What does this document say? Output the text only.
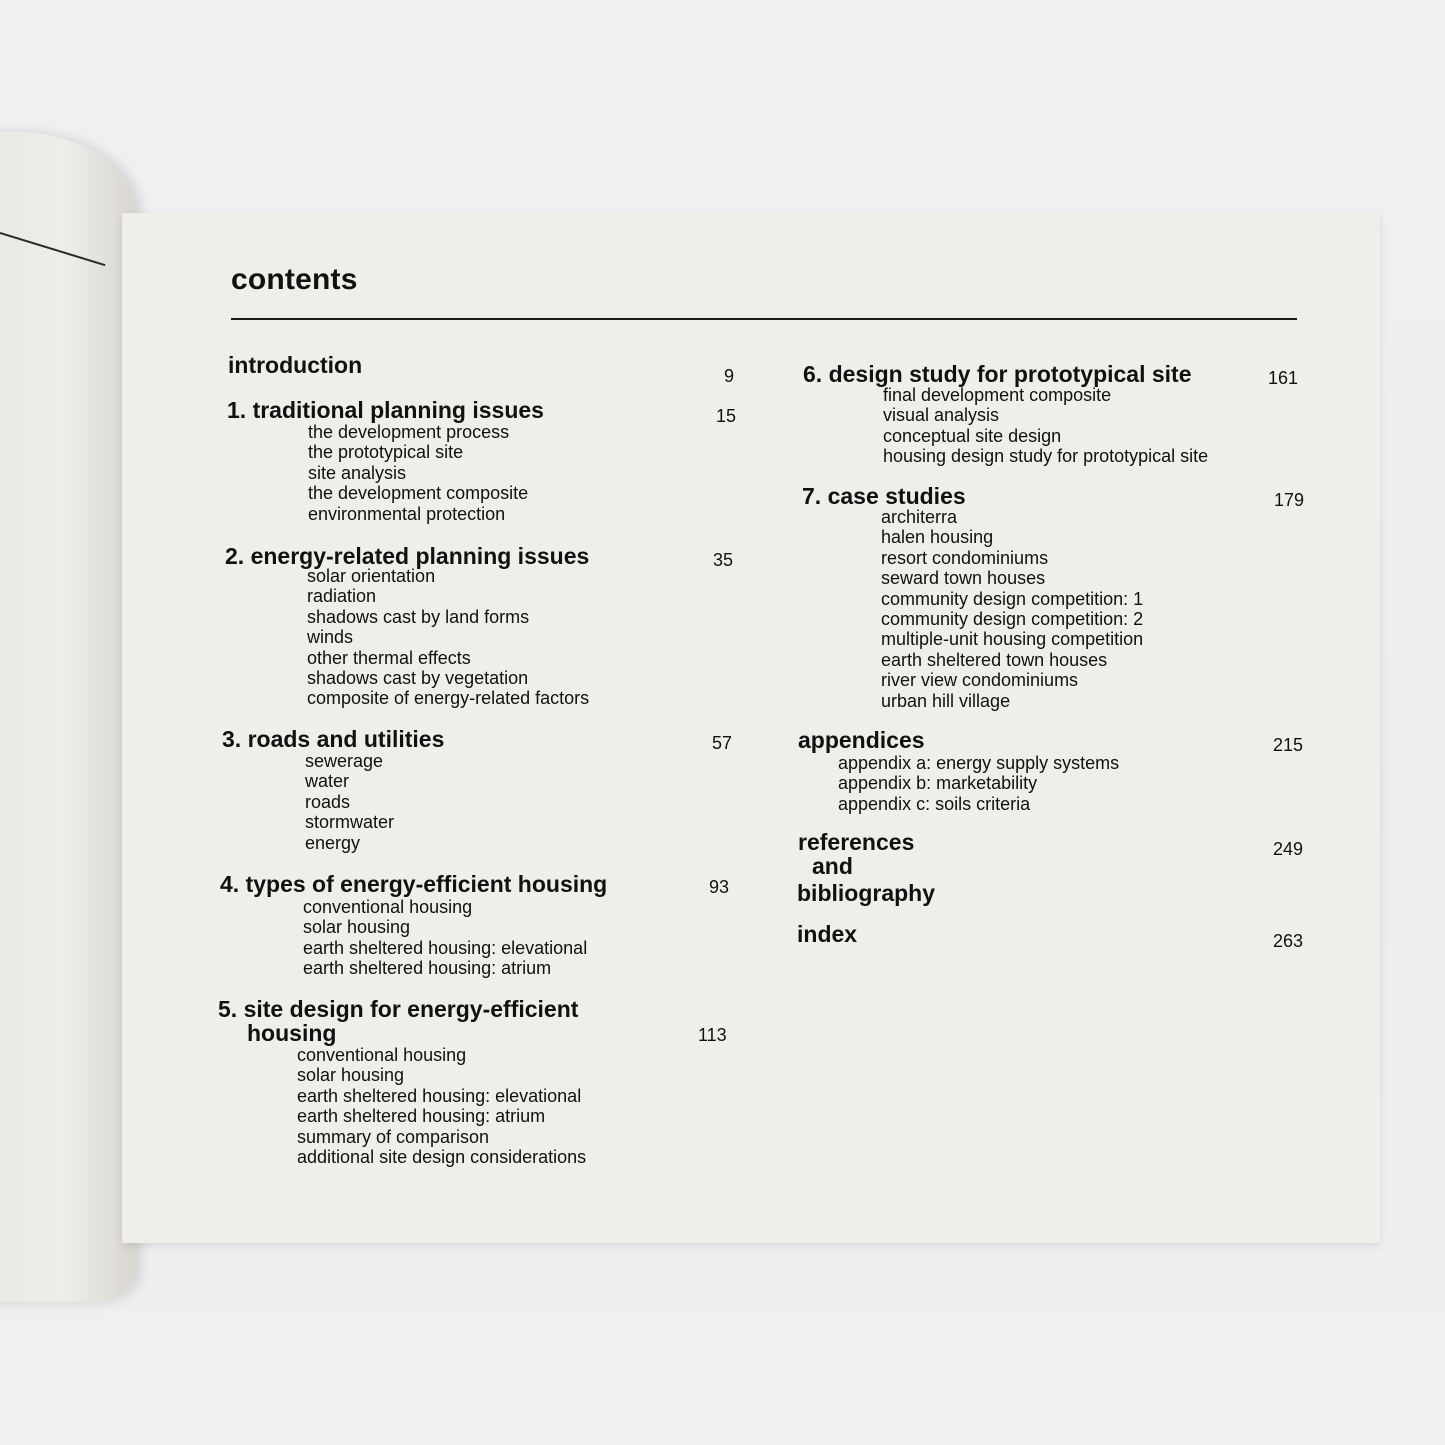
contents
introduction	9
1. traditional planning issues	15
the development process
the prototypical site
site analysis
the development composite
environmental protection
2. energy-related planning issues	35
solar orientation
radiation
shadows cast by land forms
winds
other thermal effects
shadows cast by vegetation
composite of energy-related factors
3. roads and utilities	57
sewerage
water
roads
stormwater
energy
4. types of energy-efficient housing	93
conventional housing
solar housing
earth sheltered housing: elevational
earth sheltered housing: atrium
5. site design for energy-efficient
housing	113
conventional housing
solar housing
earth sheltered housing: elevational
earth sheltered housing: atrium
summary of comparison
additional site design considerations
6. design study for prototypical site	161
final development composite
visual analysis
conceptual site design
housing design study for prototypical site
7. case studies	179
architerra
halen housing
resort condominiums
seward town houses
community design competition: 1
community design competition: 2
multiple-unit housing competition
earth sheltered town houses
river view condominiums
urban hill village
appendices	215
appendix a: energy supply systems
appendix b: marketability
appendix c: soils criteria
references
and
bibliography
249
index	263
